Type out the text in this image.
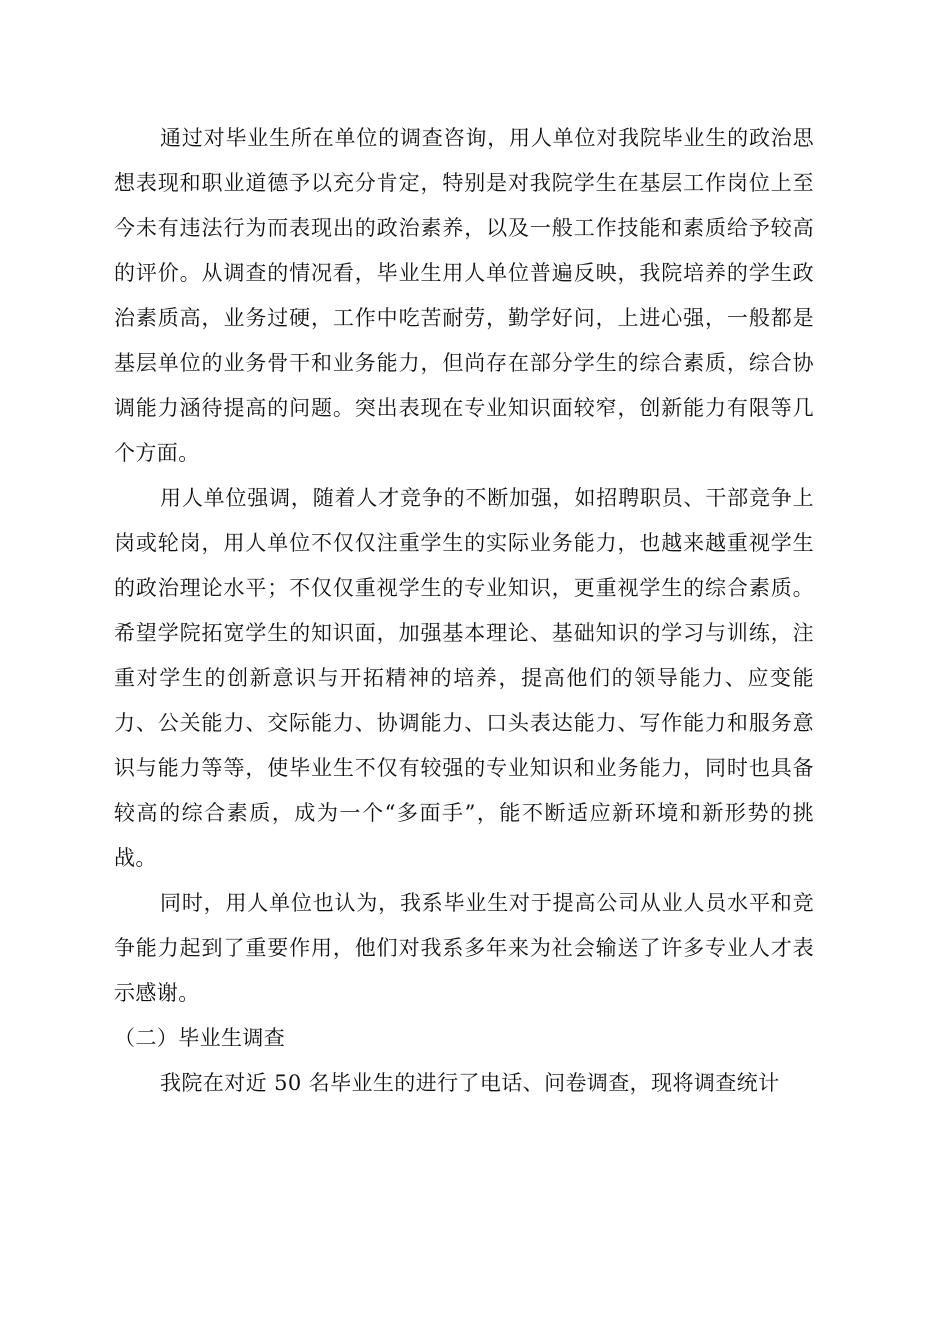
通过对毕业生所在单位的调查咨询，用人单位对我院毕业生的政治思想表现和职业道德予以充分肯定，特别是对我院学生在基层工作岗位上至今未有违法行为而表现出的政治素养，以及一般工作技能和素质给予较高的评价。从调查的情况看，毕业生用人单位普遍反映，我院培养的学生政治素质高，业务过硬，工作中吃苦耐劳，勤学好问，上进心强，一般都是基层单位的业务骨干和业务能力，但尚存在部分学生的综合素质，综合协调能力涵待提高的问题。突出表现在专业知识面较窄，创新能力有限等几个方面。

用人单位强调，随着人才竞争的不断加强，如招聘职员、干部竞争上岗或轮岗，用人单位不仅仅注重学生的实际业务能力，也越来越重视学生的政治理论水平；不仅仅重视学生的专业知识，更重视学生的综合素质。希望学院拓宽学生的知识面，加强基本理论、基础知识的学习与训练，注重对学生的创新意识与开拓精神的培养，提高他们的领导能力、应变能力、公关能力、交际能力、协调能力、口头表达能力、写作能力和服务意识与能力等等，使毕业生不仅有较强的专业知识和业务能力，同时也具备较高的综合素质，成为一个“多面手”，能不断适应新环境和新形势的挑战。

同时，用人单位也认为，我系毕业生对于提高公司从业人员水平和竞争能力起到了重要作用，他们对我系多年来为社会输送了许多专业人才表示感谢。

（二）毕业生调查

我院在对近 50 名毕业生的进行了电话、问卷调查，现将调查统计
